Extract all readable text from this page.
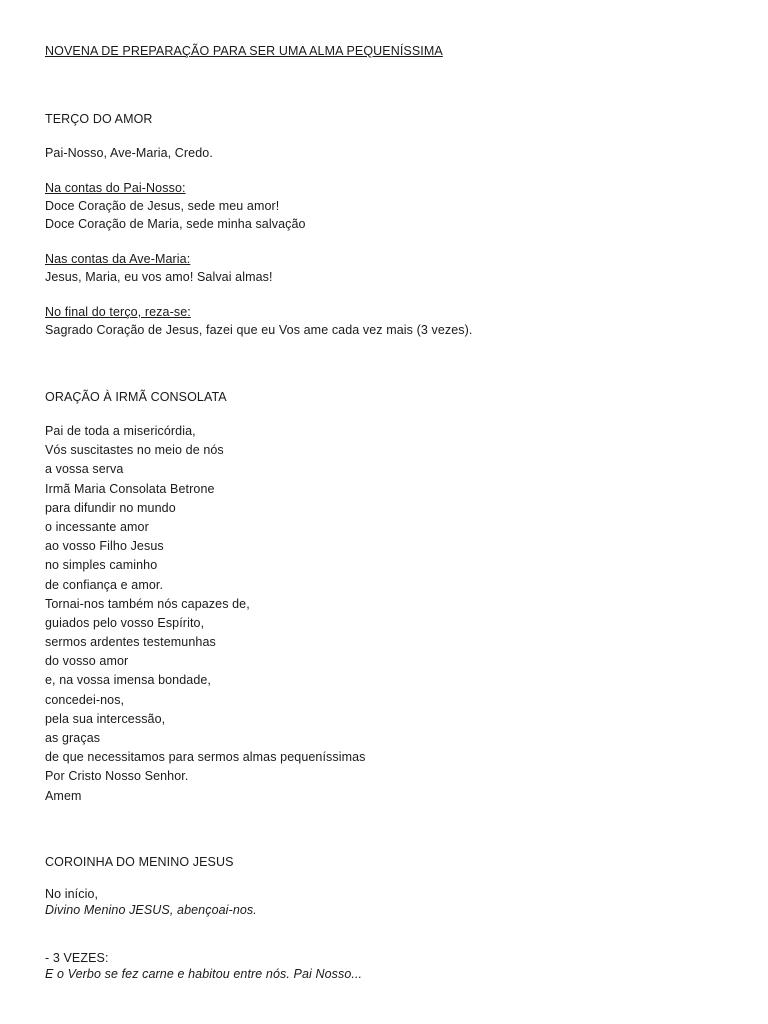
NOVENA DE PREPARAÇÃO PARA SER UMA ALMA PEQUENÍSSIMA
TERÇO DO AMOR
Pai-Nosso, Ave-Maria, Credo.
Na contas do Pai-Nosso:
Doce Coração de Jesus, sede meu amor!
Doce Coração de Maria, sede minha salvação
Nas contas da Ave-Maria:
Jesus, Maria, eu vos amo! Salvai almas!
No final do terço, reza-se:
Sagrado Coração de Jesus, fazei que eu Vos ame cada vez mais (3 vezes).
ORAÇÃO À IRMÃ CONSOLATA
Pai de toda a misericórdia,
Vós suscitastes no meio de nós
a vossa serva
Irmã Maria Consolata Betrone
para difundir no mundo
o incessante amor
ao vosso Filho Jesus
no simples caminho
de confiança e amor.
Tornai-nos também nós capazes de,
guiados pelo vosso Espírito,
sermos ardentes testemunhas
do vosso amor
e, na vossa imensa bondade,
concedei-nos,
pela sua intercessão,
as graças
de que necessitamos para sermos almas pequeníssimas
Por Cristo Nosso Senhor.
Amem
COROINHA DO MENINO JESUS
No início,
Divino Menino JESUS, abençoai-nos.
- 3 VEZES:
E o Verbo se fez carne e habitou entre nós. Pai Nosso...
